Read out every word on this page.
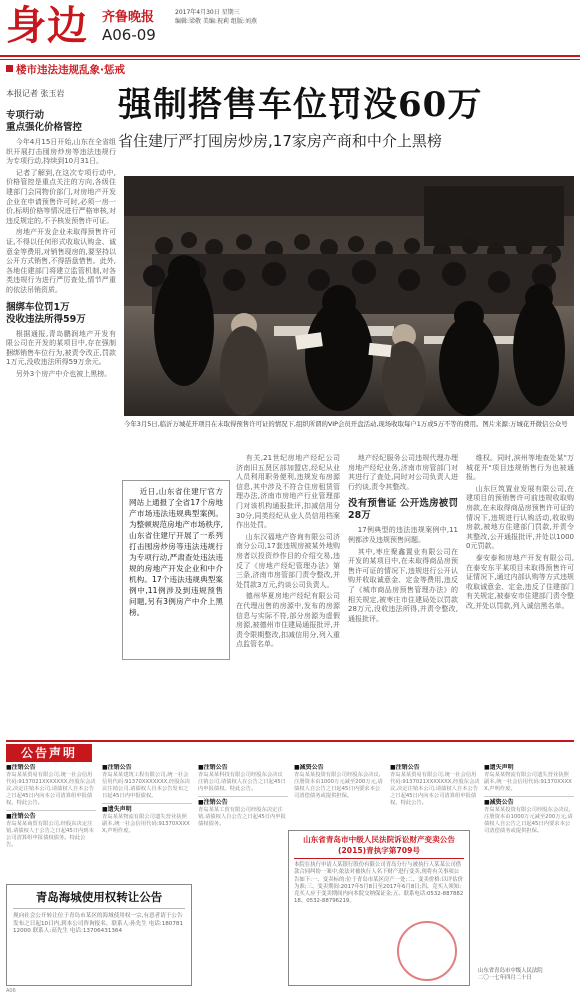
身边 齐鲁晚报	2017年4月30日 星期三
编辑:梁敬 美编:祝莉 组版:刘燕
A06-09
楼市违法违规乱象·惩戒
本报记者 张玉岩 强制搭售车位罚没60万
省住建厅严打囤房炒房,17家房产商和中介上黑榜
专项行动
重点强化价格管控

今年4月15日开始,山东在全省组织开展打击囤房炒房等违法违规行为专项行动,持续到10月31日。

记者了解到,在这次专项行动中,价格管控是重点关注的方向,各级住建部门会同物价部门,对房地产开发企业在申请预售许可时,必须一房一价,标明价格等情况进行严格审核,对违反规定的,不予核发预售许可证。

房地产开发企业未取得预售许可证,不得以任何形式收取认购金、诚意金等费用,对销售现房的,要坚持以公开方式销售,不得捂盘惜售。此外,各地住建部门将建立监管机制,对各类违规行为进行严厉查处,情节严重的依法吊销资质。

捆绑车位罚1万
没收违法所得59万

根据通报,青岛鹏润地产开发有限公司在开发的某项目中,存在强制捆绑销售车位行为,被责令改正,罚款1万元,没收违法所得59万余元。

另外3个房产中介也被上黑榜。

今年3月5日,临沂万城花开项目在未取得预售许可证的情况下,组织所谓的VIP会员开盘活动,现场收取每户1万或5万不等的费用。图片来源:万城花开微信公众号
近日,山东省住建厅官方网站上通报了全省17个房地产市场违法违规典型案例。为整顿规范房地产市场秩序,山东省住建厅开展了一系列打击囤房炒房等违法违规行为专项行动,严肃查处违法违规的房地产开发企业和中介机构。17个违法违规典型案例中,11例涉及到违规预售问题,另有3例房产中介上黑榜。

有关,21世纪房地产经纪公司济南旧五贤区部加盟店,经纪从业人员利用职务便利,违规发布房源信息,其中涉及不符合住房租赁管理办法,济南市房地产行业管理部门对该机构通报批评,扣减信用分30分,同类经纪从业人员信用档案作出处罚。

山东汉福地产咨询有限公司济南分公司,17套违规房被某外地购房者以投资炒作目的介绍交易,违反了《房地产经纪管理办法》第三条,济南市房管部门责令整改,并处罚款3万元,约谈公司负责人。

德州华夏房地产经纪有限公司在代理出售的房源中,发布的房源信息与实际不符,部分房源为虚假房源,被德州市住建局通报批评,并责令限期整改,扣减信用分,列入重点监管名单。

地产经纪服务公司违规代理办理房地产经纪业务,济南市房管部门对其进行了查处,同时对公司负责人进行约谈,责令其整改。

没有预售证 公开选房被罚28万

17例典型的违法违规案例中,11例都涉及违规预售问题。

其中,枣庄聚鑫置业有限公司在开发的某项目中,在未取得商品房预售许可证的情况下,违规进行公开认购并收取诚意金、定金等费用,违反了《城市商品房预售管理办法》的相关规定,被枣庄市住建局处以罚款28万元,没收违法所得,并责令整改,通报批评。

维权。同时,滨州等地查处某"万城花开"项目违规销售行为也被通报。

山东巨筑置业发展有限公司,在建项目的预销售许可前违规收取购房款,在未取得商品房预售许可证的情况下,违规进行认购活动,收取购房款,被地方住建部门罚款,并责令其整改,公开通报批评,并处以10000元罚款。

泰安泰和房地产开发有限公司,在泰安东平某项目未取得预售许可证情况下,通过内部认购等方式违规收取诚意金、定金,违反了住建部门有关规定,被泰安市住建部门责令整改,并处以罚款,列入诚信黑名单。

公告声明
■注销公告
青岛某某贸易有限公司,统一社会信用代码:9137021XXXXXXX,经股东会决议,决定注销本公司,请债权人自本公告之日起45日内向本公司清算组申报债权。特此公告。
■注销公告
青岛某某商贸有限公司,经股东决定注销,请债权人于公告之日起45日内到本公司清算组申报债权债务。特此公告。
■注销公告
青岛某某建筑工程有限公司,统一社会信用代码:91370XXXXXXX,经股东决议注销公司,请债权人自本公告发布之日起45日内申报债权。
■遗失声明
青岛某某物流有限公司遗失营业执照副本,统一社会信用代码:91370XXXXX,声明作废。
■注销公告
青岛某某科技有限公司经股东会决议注销公司,请债权人在公告之日起45日内申报债权。特此公告。
■注销公告
青岛某某工贸有限公司经股东决定注销,请债权人自公告之日起45日内申报债权债务。
■减资公告
青岛某某投资有限公司经股东会决议,注册资本由1000万元减至200万元,请债权人自公告之日起45日内要求本公司清偿债务或提供担保。
■注销公告
青岛某某贸易有限公司,统一社会信用代码:9137021XXXXXXX,经股东会决议,决定注销本公司,请债权人自本公告之日起45日内向本公司清算组申报债权。特此公告。
■遗失声明
青岛某某物流有限公司遗失营业执照副本,统一社会信用代码:91370XXXXX,声明作废。
■减资公告
青岛某某投资有限公司经股东会决议,注册资本由1000万元减至200万元,请债权人自公告之日起45日内要求本公司清偿债务或提供担保。
青岛海城使用权转让公告
现向社会公开转让位于青岛市某区的海域使用权一宗,有意者请于公告发布之日起10日内,到本公司咨询报名。联系人:孙先生 电话:18078112000 联系人:高先生 电话:13706431364
山东省青岛市中级人民法院诉讼财产变卖公告(2015)青执字第709号
本院在执行申请人某银行股份有限公司青岛分行与被执行人某某公司借款合同纠纷一案中,依法对被执行人名下财产进行变卖,现将有关事项公告如下:一、变卖标的:位于青岛市某区房产一处;二、变卖价格:以评估价为准;三、变卖期间:2017年5月8日至2017年6月8日;四、竞买人须知:竞买人应于变卖期间内向本院交纳保证金;五、联系电话:0532-88788218、0532-88796219。
山东省青岛市中级人民法院
二〇一七年四月二十日
A06
